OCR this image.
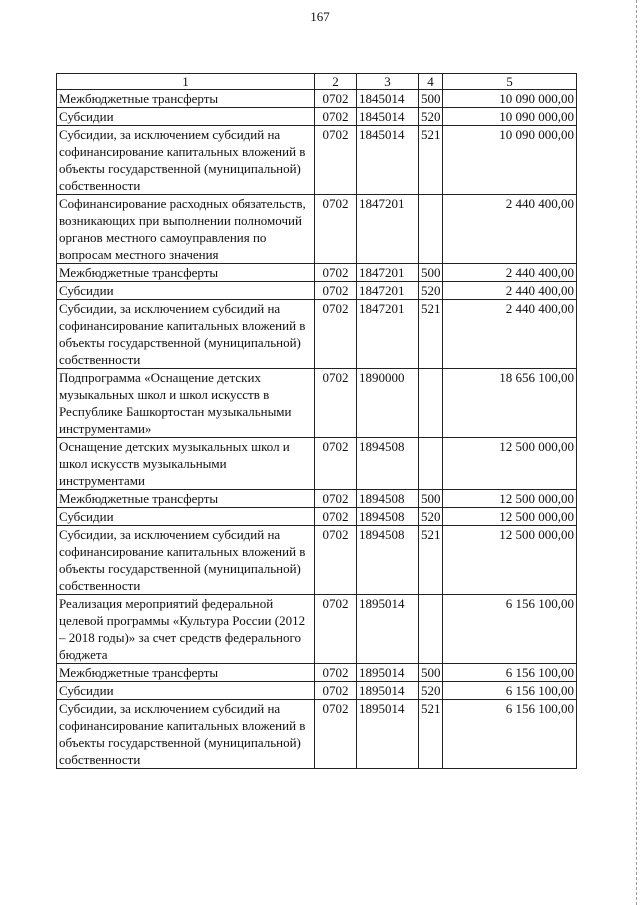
167
1	2	3	4	5
Межбюджетные трансферты	0702	1845014	500	10 090 000,00
Субсидии	0702	1845014	520	10 090 000,00
Субсидии, за исключением субсидий на софинансирование капитальных вложений в объекты государственной (муниципальной) собственности	0702	1845014	521	10 090 000,00
Софинансирование расходных обязательств, возникающих при выполнении полномочий органов местного самоуправления по вопросам местного значения	0702	1847201		2 440 400,00
Межбюджетные трансферты	0702	1847201	500	2 440 400,00
Субсидии	0702	1847201	520	2 440 400,00
Субсидии, за исключением субсидий на софинансирование капитальных вложений в объекты государственной (муниципальной) собственности	0702	1847201	521	2 440 400,00
Подпрограмма «Оснащение детских музыкальных школ и школ искусств в Республике Башкортостан музыкальными инструментами»	0702	1890000		18 656 100,00
Оснащение детских музыкальных школ и школ искусств музыкальными инструментами	0702	1894508		12 500 000,00
Межбюджетные трансферты	0702	1894508	500	12 500 000,00
Субсидии	0702	1894508	520	12 500 000,00
Субсидии, за исключением субсидий на софинансирование капитальных вложений в объекты государственной (муниципальной) собственности	0702	1894508	521	12 500 000,00
Реализация мероприятий федеральной целевой программы «Культура России (2012 – 2018 годы)» за счет средств федерального бюджета	0702	1895014		6 156 100,00
Межбюджетные трансферты	0702	1895014	500	6 156 100,00
Субсидии	0702	1895014	520	6 156 100,00
Субсидии, за исключением субсидий на софинансирование капитальных вложений в объекты государственной (муниципальной) собственности	0702	1895014	521	6 156 100,00
